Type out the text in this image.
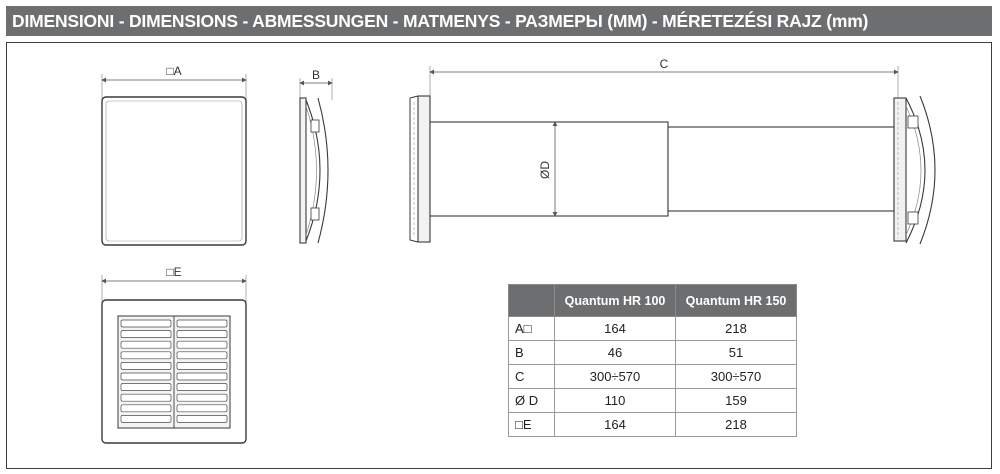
DIMENSIONI - DIMENSIONS - ABMESSUNGEN - MATMENYS - РАЗМЕРЫ (ММ) - MÉRETEZÉSI RAJZ (mm)
□A	B
C
ØD
□E
	Quantum HR 100	Quantum HR 150
A□	164	218
B	46	51
C	300÷570	300÷570
Ø D	110	159
□E	164	218
